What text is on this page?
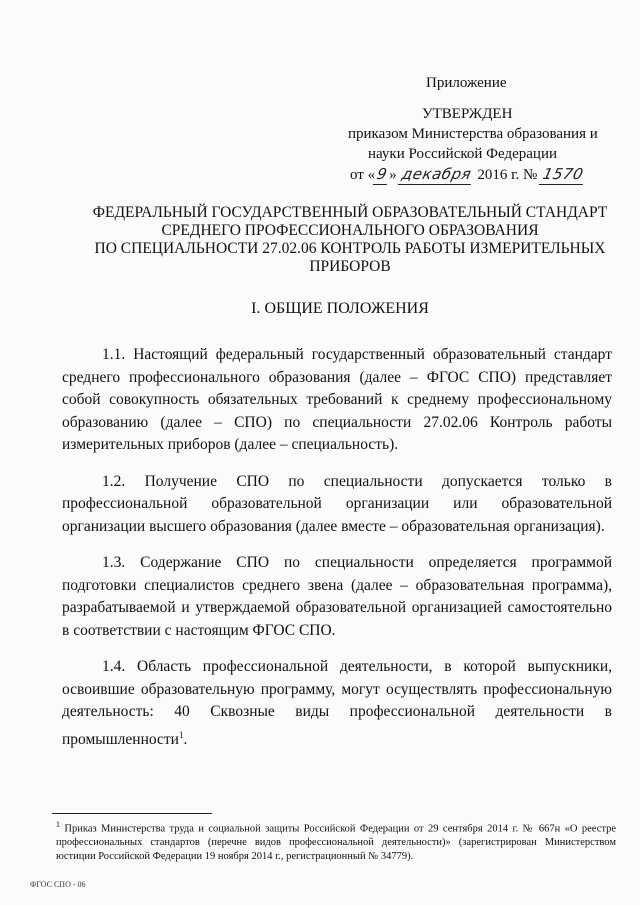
Приложение
УТВЕРЖДЕН
приказом Министерства образования и
науки Российской Федерации
от «9» декабря 2016 г. № 1570
ФЕДЕРАЛЬНЫЙ ГОСУДАРСТВЕННЫЙ ОБРАЗОВАТЕЛЬНЫЙ СТАНДАРТ
СРЕДНЕГО ПРОФЕССИОНАЛЬНОГО ОБРАЗОВАНИЯ
ПО СПЕЦИАЛЬНОСТИ 27.02.06 КОНТРОЛЬ РАБОТЫ ИЗМЕРИТЕЛЬНЫХ
ПРИБОРОВ
I. ОБЩИЕ ПОЛОЖЕНИЯ

1.1. Настоящий федеральный государственный образовательный стандарт среднего профессионального образования (далее – ФГОС СПО) представляет собой совокупность обязательных требований к среднему профессиональному образованию (далее – СПО) по специальности 27.02.06 Контроль работы измерительных приборов (далее – специальность).

1.2. Получение СПО по специальности допускается только в профессиональной образовательной организации или образовательной организации высшего образования (далее вместе – образовательная организация).

1.3. Содержание СПО по специальности определяется программой подготовки специалистов среднего звена (далее – образовательная программа), разрабатываемой и утверждаемой образовательной организацией самостоятельно в соответствии с настоящим ФГОС СПО.

1.4. Область профессиональной деятельности, в которой выпускники, освоившие образовательную программу, могут осуществлять профессиональную деятельность: 40 Сквозные виды профессиональной деятельности в промышленности$^1$.

$^1$ Приказ Министерства труда и социальной защиты Российской Федерации от 29 сентября 2014 г. № 667н «О реестре профессиональных стандартов (перечне видов профессиональной деятельности)» (зарегистрирован Министерством юстиции Российской Федерации 19 ноября 2014 г., регистрационный № 34779).
ФГОС СПО - 06
